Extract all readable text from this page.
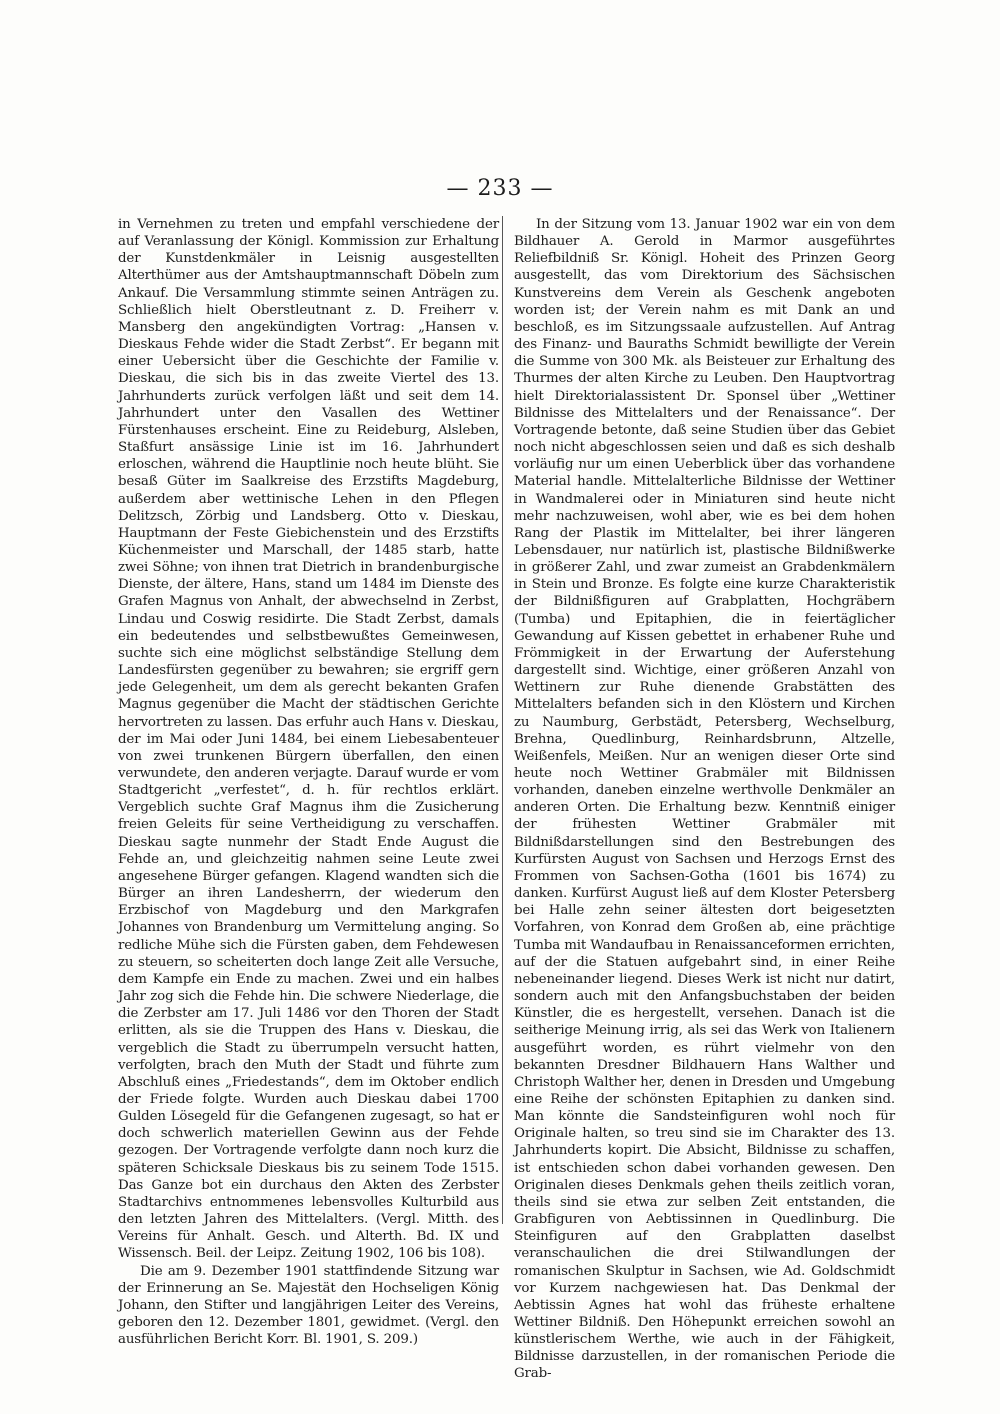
— 233 —

in Vernehmen zu treten und empfahl verschiedene der auf Veranlassung der Königl. Kommission zur Erhaltung der Kunstdenkmäler in Leisnig ausgestellten Alterthümer aus der Amtshauptmannschaft Döbeln zum Ankauf. Die Versammlung stimmte seinen Anträgen zu. Schließlich hielt Oberstleutnant z. D. Freiherr v. Mansberg den angekündigten Vortrag: „Hansen v. Dieskaus Fehde wider die Stadt Zerbst“. Er begann mit einer Uebersicht über die Geschichte der Familie v. Dieskau, die sich bis in das zweite Viertel des 13. Jahrhunderts zurück verfolgen läßt und seit dem 14. Jahrhundert unter den Vasallen des Wettiner Fürstenhauses erscheint. Eine zu Reideburg, Alsleben, Staßfurt ansässige Linie ist im 16. Jahrhundert erloschen, während die Hauptlinie noch heute blüht. Sie besaß Güter im Saalkreise des Erzstifts Magdeburg, außerdem aber wettinische Lehen in den Pflegen Delitzsch, Zörbig und Landsberg. Otto v. Dieskau, Hauptmann der Feste Giebichenstein und des Erzstifts Küchenmeister und Marschall, der 1485 starb, hatte zwei Söhne; von ihnen trat Dietrich in brandenburgische Dienste, der ältere, Hans, stand um 1484 im Dienste des Grafen Magnus von Anhalt, der abwechselnd in Zerbst, Lindau und Coswig residirte. Die Stadt Zerbst, damals ein bedeutendes und selbstbewußtes Gemeinwesen, suchte sich eine möglichst selbständige Stellung dem Landesfürsten gegenüber zu bewahren; sie ergriff gern jede Gelegenheit, um dem als gerecht bekanten Grafen Magnus gegenüber die Macht der städtischen Gerichte hervortreten zu lassen. Das erfuhr auch Hans v. Dieskau, der im Mai oder Juni 1484, bei einem Liebesabenteuer von zwei trunkenen Bürgern überfallen, den einen verwundete, den anderen verjagte. Darauf wurde er vom Stadtgericht „verfestet“, d. h. für rechtlos erklärt. Vergeblich suchte Graf Magnus ihm die Zusicherung freien Geleits für seine Vertheidigung zu verschaffen. Dieskau sagte nunmehr der Stadt Ende August die Fehde an, und gleichzeitig nahmen seine Leute zwei angesehene Bürger gefangen. Klagend wandten sich die Bürger an ihren Landesherrn, der wiederum den Erzbischof von Magdeburg und den Markgrafen Johannes von Brandenburg um Vermittelung anging. So redliche Mühe sich die Fürsten gaben, dem Fehdewesen zu steuern, so scheiterten doch lange Zeit alle Versuche, dem Kampfe ein Ende zu machen. Zwei und ein halbes Jahr zog sich die Fehde hin. Die schwere Niederlage, die die Zerbster am 17. Juli 1486 vor den Thoren der Stadt erlitten, als sie die Truppen des Hans v. Dieskau, die vergeblich die Stadt zu überrumpeln versucht hatten, verfolgten, brach den Muth der Stadt und führte zum Abschluß eines „Friedestands“, dem im Oktober endlich der Friede folgte. Wurden auch Dieskau dabei 1700 Gulden Lösegeld für die Gefangenen zugesagt, so hat er doch schwerlich materiellen Gewinn aus der Fehde gezogen. Der Vortragende verfolgte dann noch kurz die späteren Schicksale Dieskaus bis zu seinem Tode 1515. Das Ganze bot ein durchaus den Akten des Zerbster Stadtarchivs entnommenes lebensvolles Kulturbild aus den letzten Jahren des Mittelalters. (Vergl. Mitth. des Vereins für Anhalt. Gesch. und Alterth. Bd. IX und Wissensch. Beil. der Leipz. Zeitung 1902, 106 bis 108).

Die am 9. Dezember 1901 stattfindende Sitzung war der Erinnerung an Se. Majestät den Hochseligen König Johann, den Stifter und langjährigen Leiter des Vereins, geboren den 12. Dezember 1801, gewidmet. (Vergl. den ausführlichen Bericht Korr. Bl. 1901, S. 209.)

In der Sitzung vom 13. Januar 1902 war ein von dem Bildhauer A. Gerold in Marmor ausgeführtes Reliefbildniß Sr. Königl. Hoheit des Prinzen Georg ausgestellt, das vom Direktorium des Sächsischen Kunstvereins dem Verein als Geschenk angeboten worden ist; der Verein nahm es mit Dank an und beschloß, es im Sitzungssaale aufzustellen. Auf Antrag des Finanz- und Bauraths Schmidt bewilligte der Verein die Summe von 300 Mk. als Beisteuer zur Erhaltung des Thurmes der alten Kirche zu Leuben. Den Hauptvortrag hielt Direktorialassistent Dr. Sponsel über „Wettiner Bildnisse des Mittelalters und der Renaissance“. Der Vortragende betonte, daß seine Studien über das Gebiet noch nicht abgeschlossen seien und daß es sich deshalb vorläufig nur um einen Ueberblick über das vorhandene Material handle. Mittelalterliche Bildnisse der Wettiner in Wandmalerei oder in Miniaturen sind heute nicht mehr nachzuweisen, wohl aber, wie es bei dem hohen Rang der Plastik im Mittelalter, bei ihrer längeren Lebensdauer, nur natürlich ist, plastische Bildnißwerke in größerer Zahl, und zwar zumeist an Grabdenkmälern in Stein und Bronze. Es folgte eine kurze Charakteristik der Bildnißfiguren auf Grabplatten, Hochgräbern (Tumba) und Epitaphien, die in feiertäglicher Gewandung auf Kissen gebettet in erhabener Ruhe und Frömmigkeit in der Erwartung der Auferstehung dargestellt sind. Wichtige, einer größeren Anzahl von Wettinern zur Ruhe dienende Grabstätten des Mittelalters befanden sich in den Klöstern und Kirchen zu Naumburg, Gerbstädt, Petersberg, Wechselburg, Brehna, Quedlinburg, Reinhardsbrunn, Altzelle, Weißenfels, Meißen. Nur an wenigen dieser Orte sind heute noch Wettiner Grabmäler mit Bildnissen vorhanden, daneben einzelne werthvolle Denkmäler an anderen Orten. Die Erhaltung bezw. Kenntniß einiger der frühesten Wettiner Grabmäler mit Bildnißdarstellungen sind den Bestrebungen des Kurfürsten August von Sachsen und Herzogs Ernst des Frommen von Sachsen-Gotha (1601 bis 1674) zu danken. Kurfürst August ließ auf dem Kloster Petersberg bei Halle zehn seiner ältesten dort beigesetzten Vorfahren, von Konrad dem Großen ab, eine prächtige Tumba mit Wandaufbau in Renaissanceformen errichten, auf der die Statuen aufgebahrt sind, in einer Reihe nebeneinander liegend. Dieses Werk ist nicht nur datirt, sondern auch mit den Anfangsbuchstaben der beiden Künstler, die es hergestellt, versehen. Danach ist die seitherige Meinung irrig, als sei das Werk von Italienern ausgeführt worden, es rührt vielmehr von den bekannten Dresdner Bildhauern Hans Walther und Christoph Walther her, denen in Dresden und Umgebung eine Reihe der schönsten Epitaphien zu danken sind. Man könnte die Sandsteinfiguren wohl noch für Originale halten, so treu sind sie im Charakter des 13. Jahrhunderts kopirt. Die Absicht, Bildnisse zu schaffen, ist entschieden schon dabei vorhanden gewesen. Den Originalen dieses Denkmals gehen theils zeitlich voran, theils sind sie etwa zur selben Zeit entstanden, die Grabfiguren von Aebtissinnen in Quedlinburg. Die Steinfiguren auf den Grabplatten daselbst veranschaulichen die drei Stilwandlungen der romanischen Skulptur in Sachsen, wie Ad. Goldschmidt vor Kurzem nachgewiesen hat. Das Denkmal der Aebtissin Agnes hat wohl das früheste erhaltene Wettiner Bildniß. Den Höhepunkt erreichen sowohl an künstlerischem Werthe, wie auch in der Fähigkeit, Bildnisse darzustellen, in der romanischen Periode die Grab-
